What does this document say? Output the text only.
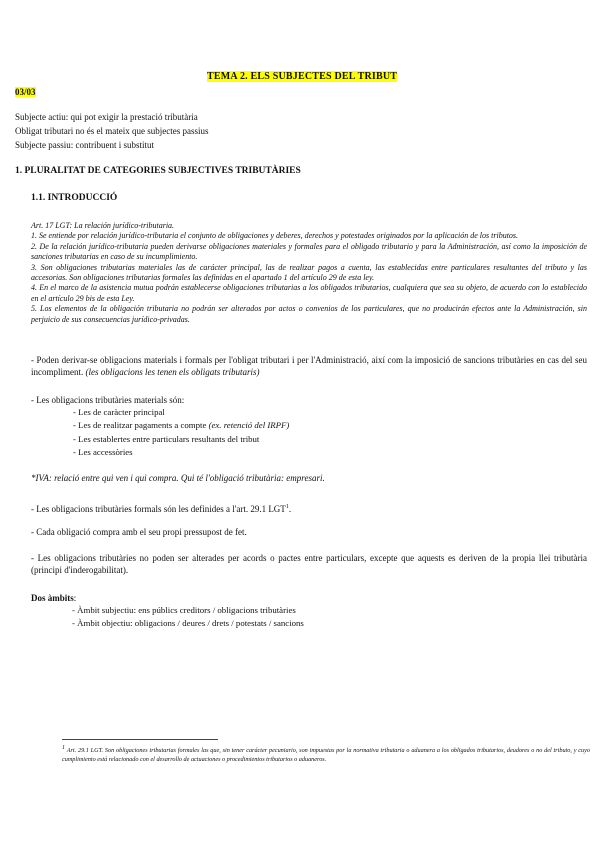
TEMA 2. ELS SUBJECTES DEL TRIBUT
03/03
Subjecte actiu: qui pot exigir la prestació tributària
Obligat tributari no és el mateix que subjectes passius
Subjecte passiu: contribuent i substitut
1. PLURALITAT DE CATEGORIES SUBJECTIVES TRIBUTÀRIES
1.1. INTRODUCCIÓ
Art. 17 LGT: La relación jurídico-tributaria.
1. Se entiende por relación jurídico-tributaria el conjunto de obligaciones y deberes, derechos y potestades originados por la aplicación de los tributos.
2. De la relación jurídico-tributaria pueden derivarse obligaciones materiales y formales para el obligado tributario y para la Administración, así como la imposición de sanciones tributarias en caso de su incumplimiento.
3. Son obligaciones tributarias materiales las de carácter principal, las de realizar pagos a cuenta, las establecidas entre particulares resultantes del tributo y las accesorias. Son obligaciones tributarias formales las definidas en el apartado 1 del artículo 29 de esta ley.
4. En el marco de la asistencia mutua podrán establecerse obligaciones tributarias a los obligados tributarios, cualquiera que sea su objeto, de acuerdo con lo establecido en el artículo 29 bis de esta Ley.
5. Los elementos de la obligación tributaria no podrán ser alterados por actos o convenios de los particulares, que no producirán efectos ante la Administración, sin perjuicio de sus consecuencias jurídico-privadas.
- Poden derivar-se obligacions materials i formals per l'obligat tributari i per l'Administració, així com la imposició de sancions tributàries en cas del seu incompliment. (les obligacions les tenen els obligats tributaris)
- Les obligacions tributàries materials són:
- Les de caràcter principal
- Les de realitzar pagaments a compte (ex. retenció del IRPF)
- Les establertes entre particulars resultants del tribut
- Les accessòries
*IVA: relació entre qui ven i qui compra. Qui té l'obligació tributària: empresari.
- Les obligacions tributàries formals són les definides a l'art. 29.1 LGT$^1$.
- Cada obligació compra amb el seu propi pressupost de fet.
- Les obligacions tributàries no poden ser alterades per acords o pactes entre particulars, excepte que aquests es deriven de la propia llei tributària (principi d'inderogabilitat).
Dos àmbits:
- Àmbit subjectiu: ens públics creditors / obligacions tributàries
- Àmbit objectiu: obligacions / deures / drets / potestats / sancions
$^1$ Art. 29.1 LGT. Son obligaciones tributarias formales las que, sin tener carácter pecuniario, son impuestas por la normativa tributaria o aduanera a los obligados tributarios, deudores o no del tributo, y cuyo cumplimiento está relacionado con el desarrollo de actuaciones o procedimientos tributarios o aduaneros.
